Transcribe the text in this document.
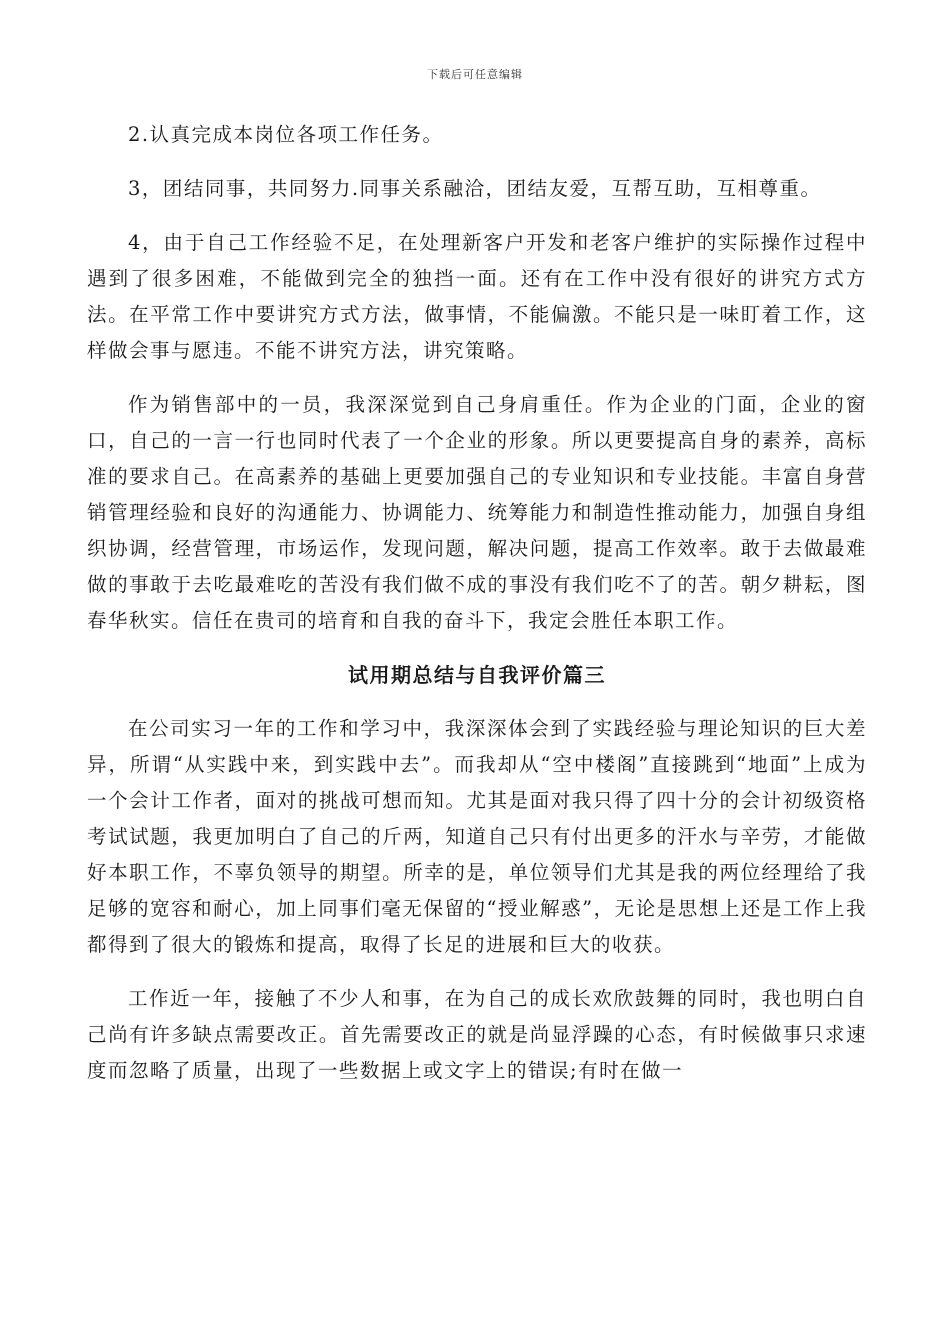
下载后可任意编辑

2.认真完成本岗位各项工作任务。

3，团结同事，共同努力.同事关系融洽，团结友爱，互帮互助，互相尊重。

4，由于自己工作经验不足，在处理新客户开发和老客户维护的实际操作过程中遇到了很多困难，不能做到完全的独挡一面。还有在工作中没有很好的讲究方式方法。在平常工作中要讲究方式方法，做事情，不能偏激。不能只是一味盯着工作，这样做会事与愿违。不能不讲究方法，讲究策略。

作为销售部中的一员，我深深觉到自己身肩重任。作为企业的门面，企业的窗口，自己的一言一行也同时代表了一个企业的形象。所以更要提高自身的素养，高标准的要求自己。在高素养的基础上更要加强自己的专业知识和专业技能。丰富自身营销管理经验和良好的沟通能力、协调能力、统筹能力和制造性推动能力，加强自身组织协调，经营管理，市场运作，发现问题，解决问题，提高工作效率。敢于去做最难做的事敢于去吃最难吃的苦没有我们做不成的事没有我们吃不了的苦。朝夕耕耘，图春华秋实。信任在贵司的培育和自我的奋斗下，我定会胜任本职工作。

试用期总结与自我评价篇三

在公司实习一年的工作和学习中，我深深体会到了实践经验与理论知识的巨大差异，所谓“从实践中来，到实践中去”。而我却从“空中楼阁”直接跳到“地面”上成为一个会计工作者，面对的挑战可想而知。尤其是面对我只得了四十分的会计初级资格考试试题，我更加明白了自己的斤两，知道自己只有付出更多的汗水与辛劳，才能做好本职工作，不辜负领导的期望。所幸的是，单位领导们尤其是我的两位经理给了我足够的宽容和耐心，加上同事们毫无保留的“授业解惑”，无论是思想上还是工作上我都得到了很大的锻炼和提高，取得了长足的进展和巨大的收获。

工作近一年，接触了不少人和事，在为自己的成长欢欣鼓舞的同时，我也明白自己尚有许多缺点需要改正。首先需要改正的就是尚显浮躁的心态，有时候做事只求速度而忽略了质量，出现了一些数据上或文字上的错误;有时在做一
